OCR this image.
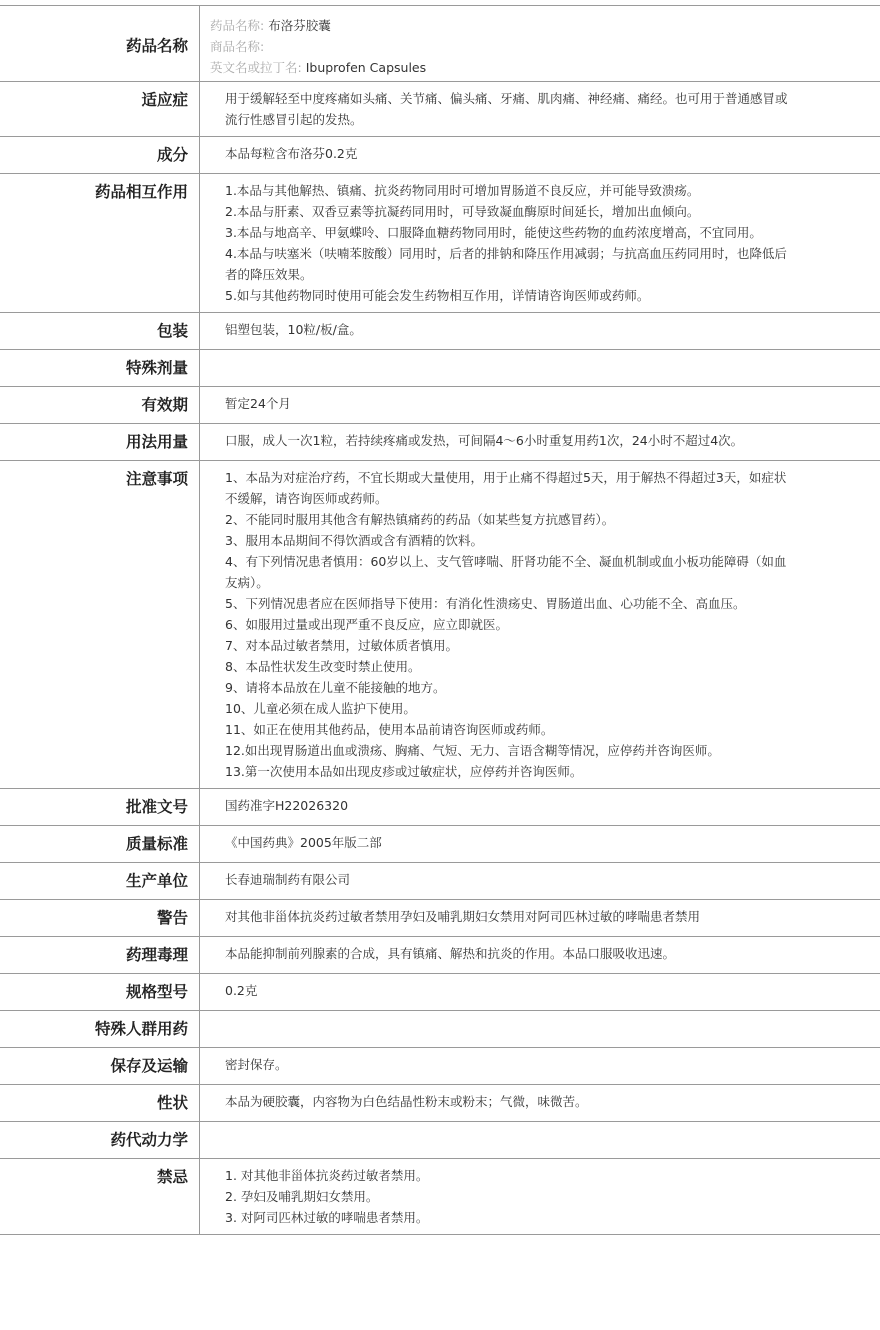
药品名称
药品名称: 布洛芬胶囊
商品名称:
英文名或拉丁名: Ibuprofen Capsules
适应症	用于缓解轻至中度疼痛如头痛、关节痛、偏头痛、牙痛、肌肉痛、神经痛、痛经。也可用于普通感冒或流行性感冒引起的发热。
成分	本品每粒含布洛芬0.2克
药品相互作用	1.本品与其他解热、镇痛、抗炎药物同用时可增加胃肠道不良反应，并可能导致溃疡。
2.本品与肝素、双香豆素等抗凝药同用时，可导致凝血酶原时间延长，增加出血倾向。
3.本品与地高辛、甲氨蝶呤、口服降血糖药物同用时，能使这些药物的血药浓度增高，不宜同用。
4.本品与呋塞米（呋喃苯胺酸）同用时，后者的排钠和降压作用减弱；与抗高血压药同用时，也降低后者的降压效果。
5.如与其他药物同时使用可能会发生药物相互作用，详情请咨询医师或药师。
包装	铝塑包装，10粒/板/盒。
特殊剂量
有效期	暂定24个月
用法用量	口服，成人一次1粒，若持续疼痛或发热，可间隔4～6小时重复用药1次，24小时不超过4次。
注意事项	1、本品为对症治疗药，不宜长期或大量使用，用于止痛不得超过5天，用于解热不得超过3天，如症状不缓解，请咨询医师或药师。
2、不能同时服用其他含有解热镇痛药的药品（如某些复方抗感冒药）。
3、服用本品期间不得饮酒或含有酒精的饮料。
4、有下列情况患者慎用：60岁以上、支气管哮喘、肝肾功能不全、凝血机制或血小板功能障碍（如血友病）。
5、下列情况患者应在医师指导下使用：有消化性溃疡史、胃肠道出血、心功能不全、高血压。
6、如服用过量或出现严重不良反应，应立即就医。
7、对本品过敏者禁用，过敏体质者慎用。
8、本品性状发生改变时禁止使用。
9、请将本品放在儿童不能接触的地方。
10、儿童必须在成人监护下使用。
11、如正在使用其他药品，使用本品前请咨询医师或药师。
12.如出现胃肠道出血或溃疡、胸痛、气短、无力、言语含糊等情况，应停药并咨询医师。
13.第一次使用本品如出现皮疹或过敏症状，应停药并咨询医师。
批准文号	国药准字H22026320
质量标准	《中国药典》2005年版二部
生产单位	长春迪瑞制药有限公司
警告	对其他非甾体抗炎药过敏者禁用孕妇及哺乳期妇女禁用对阿司匹林过敏的哮喘患者禁用
药理毒理	本品能抑制前列腺素的合成，具有镇痛、解热和抗炎的作用。本品口服吸收迅速。
规格型号	0.2克
特殊人群用药
保存及运输	密封保存。
性状	本品为硬胶囊，内容物为白色结晶性粉末或粉末；气微，味微苦。
药代动力学
禁忌	1. 对其他非甾体抗炎药过敏者禁用。
2. 孕妇及哺乳期妇女禁用。
3. 对阿司匹林过敏的哮喘患者禁用。
